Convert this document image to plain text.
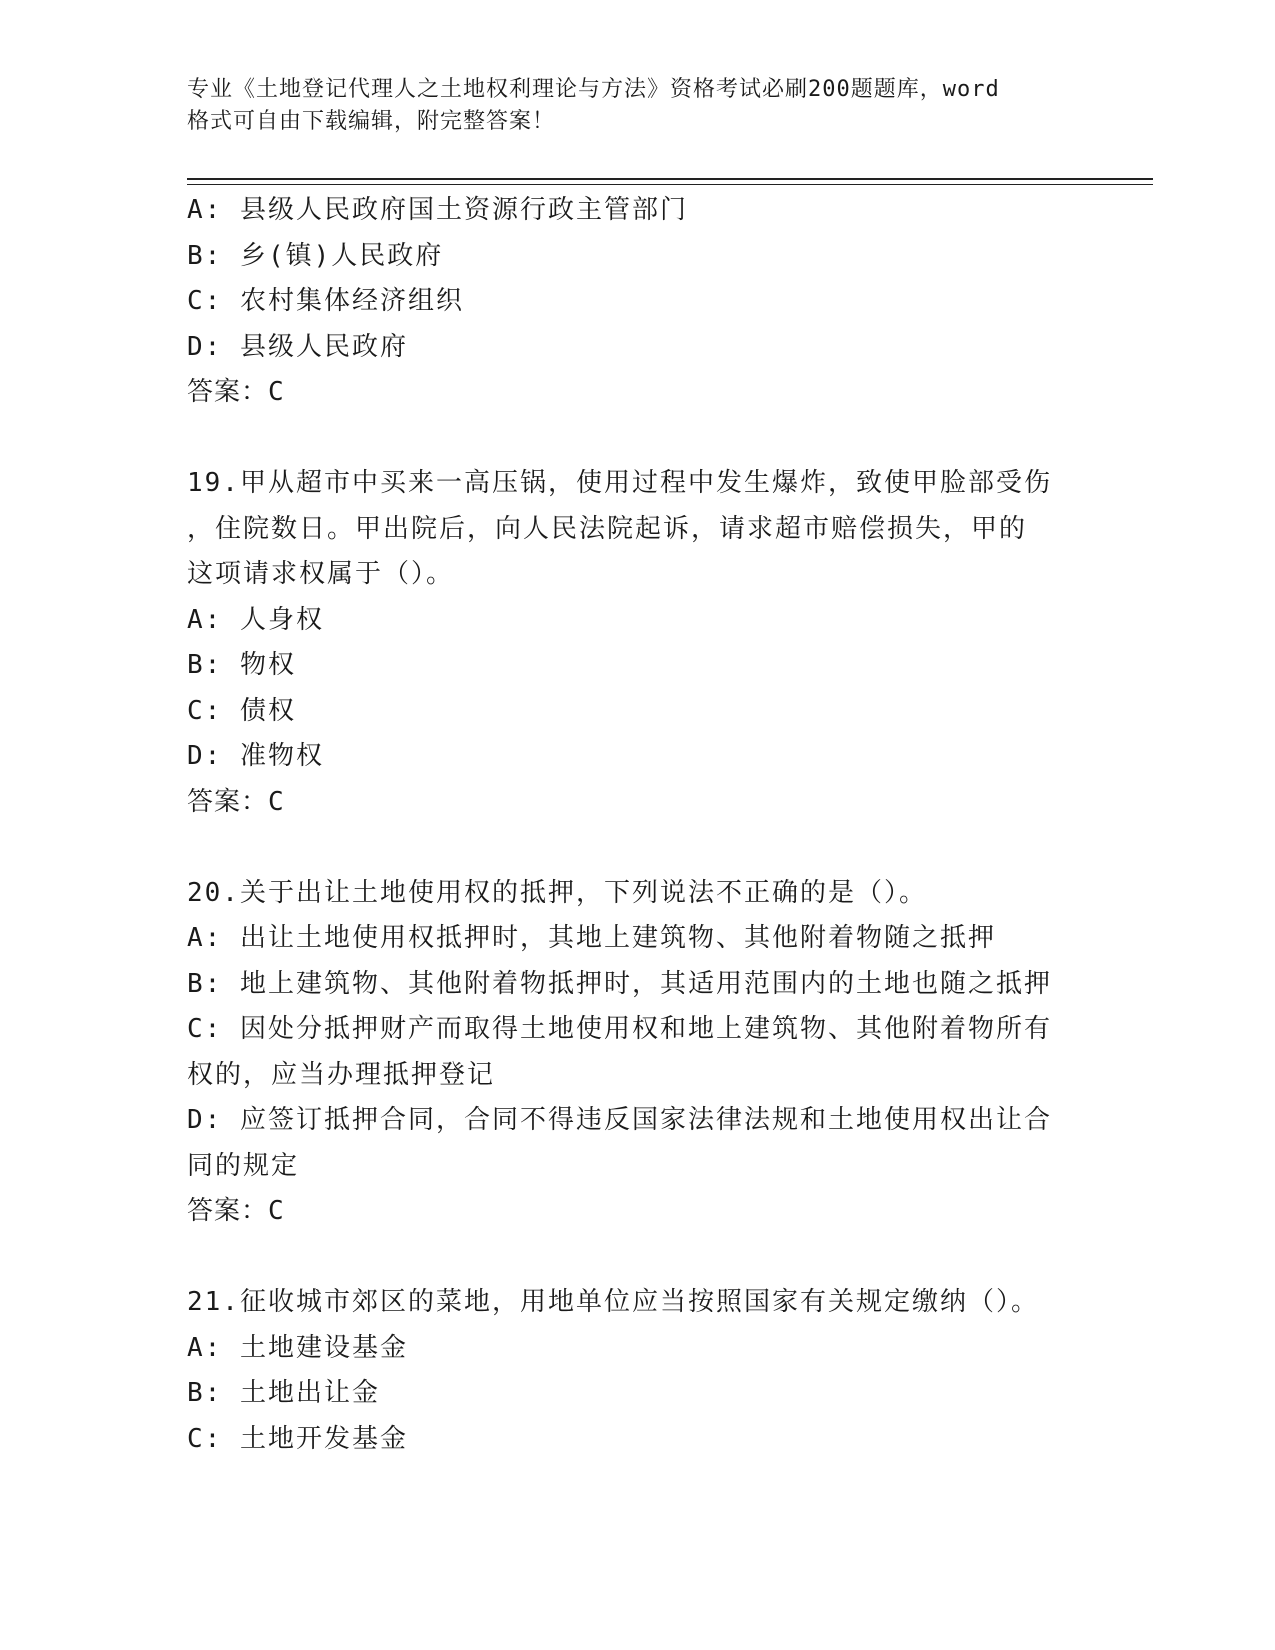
专业《土地登记代理人之土地权利理论与方法》资格考试必刷200题题库，word
格式可自由下载编辑，附完整答案！
A: 县级人民政府国土资源行政主管部门
B: 乡(镇)人民政府
C: 农村集体经济组织
D: 县级人民政府
答案：C
19.甲从超市中买来一高压锅，使用过程中发生爆炸，致使甲脸部受伤
，住院数日。甲出院后，向人民法院起诉，请求超市赔偿损失，甲的
这项请求权属于（）。
A: 人身权
B: 物权
C: 债权
D: 准物权
答案：C
20.关于出让土地使用权的抵押，下列说法不正确的是（）。
A: 出让土地使用权抵押时，其地上建筑物、其他附着物随之抵押
B: 地上建筑物、其他附着物抵押时，其适用范围内的土地也随之抵押
C: 因处分抵押财产而取得土地使用权和地上建筑物、其他附着物所有
权的，应当办理抵押登记
D: 应签订抵押合同，合同不得违反国家法律法规和土地使用权出让合
同的规定
答案：C
21.征收城市郊区的菜地，用地单位应当按照国家有关规定缴纳（）。
A: 土地建设基金
B: 土地出让金
C: 土地开发基金
